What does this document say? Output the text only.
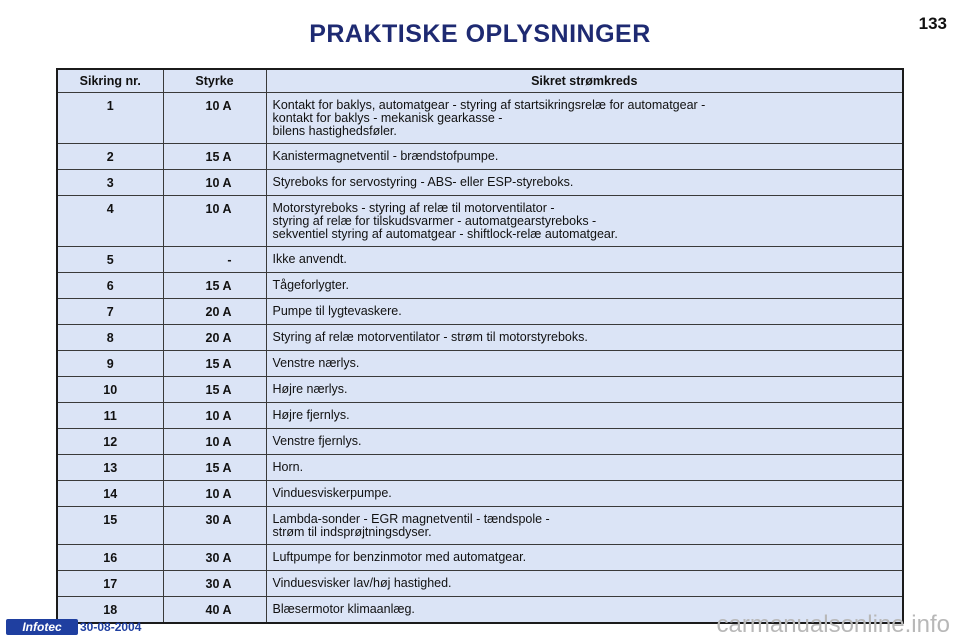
PRAKTISKE OPLYSNINGER	133
Sikring nr.	Styrke	Sikret strømkreds
1	10 A	Kontakt for baklys, automatgear - styring af startsikringsrelæ for automatgear -
kontakt for baklys - mekanisk gearkasse -
bilens hastighedsføler.
2	15 A	Kanistermagnetventil - brændstofpumpe.
3	10 A	Styreboks for servostyring - ABS- eller ESP-styreboks.
4	10 A	Motorstyreboks - styring af relæ til motorventilator -
styring af relæ for tilskudsvarmer - automatgearstyreboks -
sekventiel styring af automatgear - shiftlock-relæ automatgear.
5	-	Ikke anvendt.
6	15 A	Tågeforlygter.
7	20 A	Pumpe til lygtevaskere.
8	20 A	Styring af relæ motorventilator - strøm til motorstyreboks.
9	15 A	Venstre nærlys.
10	15 A	Højre nærlys.
11	10 A	Højre fjernlys.
12	10 A	Venstre fjernlys.
13	15 A	Horn.
14	10 A	Vinduesviskerpumpe.
15	30 A	Lambda-sonder - EGR magnetventil - tændspole -
strøm til indsprøjtningsdyser.
16	30 A	Luftpumpe for benzinmotor med automatgear.
17	30 A	Vinduesvisker lav/høj hastighed.
18	40 A	Blæsermotor klimaanlæg.
Infotec	30-08-2004	carmanualsonline.info
